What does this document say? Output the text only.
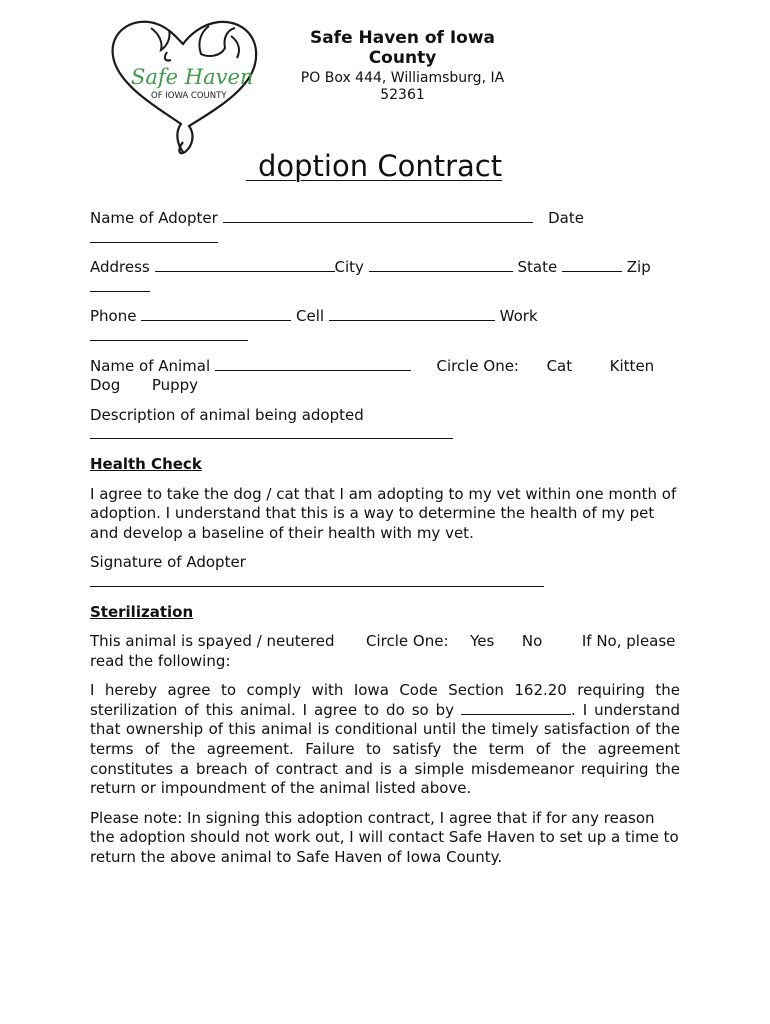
Safe Haven
OF IOWA COUNTY
Safe Haven of Iowa County
PO Box 444, Williamsburg, IA 52361
doption Contract
Name of Adopter	Date

Address	City	State	Zip

Phone	Cell	Work

Name of Animal	Circle One: Cat	Kitten
Dog Puppy
Description of animal being adopted

Health Check
I agree to take the dog / cat that I am adopting to my vet within one month of adoption. I understand that this is a way to determine the health of my pet and develop a baseline of their health with my vet.
Signature of Adopter

Sterilization
This animal is spayed / neutered Circle One: Yes No	If No, please read the following:
I hereby agree to comply with Iowa Code Section 162.20 requiring the sterilization of this animal. I agree to do so by	. I understand that ownership of this animal is conditional until the timely satisfaction of the terms of the agreement. Failure to satisfy the term of the agreement constitutes a breach of contract and is a simple misdemeanor requiring the return or impoundment of the animal listed above.
Please note: In signing this adoption contract, I agree that if for any reason the adoption should not work out, I will contact Safe Haven to set up a time to return the above animal to Safe Haven of Iowa County.
